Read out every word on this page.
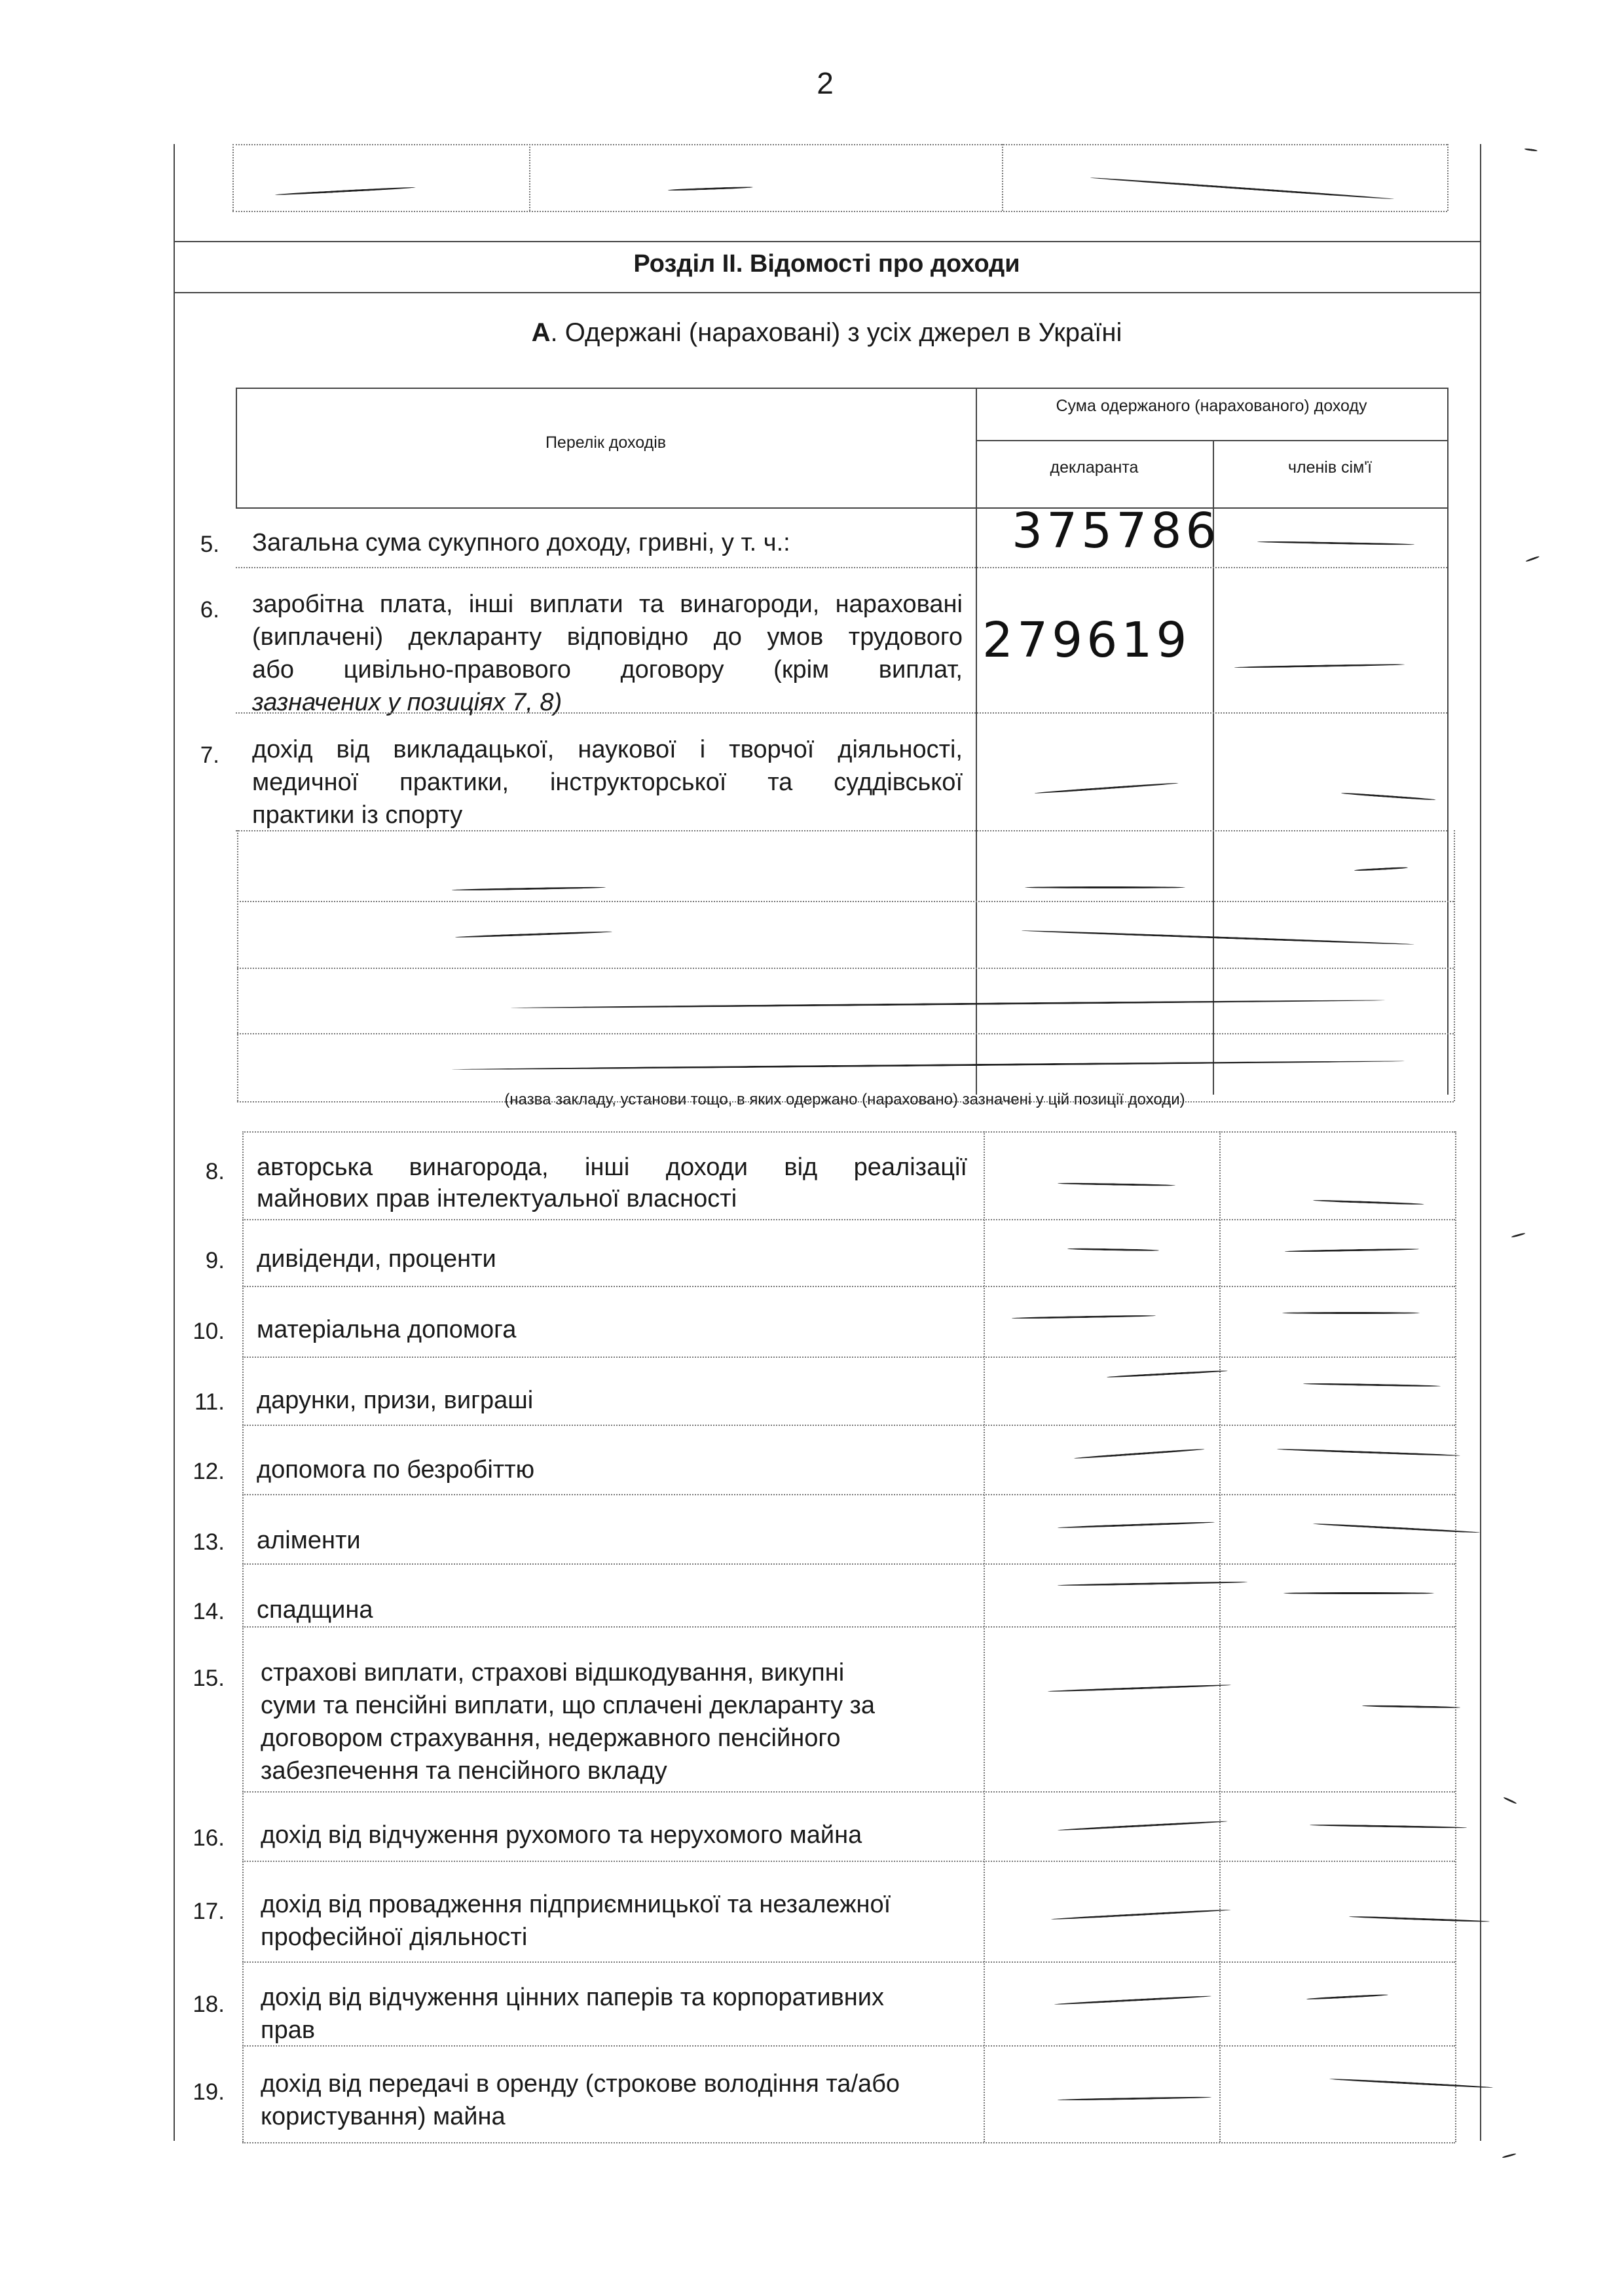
2
Розділ ІІ. Відомості про доходи
А. Одержані (нараховані) з усіх джерел в Україні
Перелік доходів
Сума одержаного (нарахованого) доходу
декларанта	членів сім'ї
5. Загальна сума сукупного доходу, гривні, у т. ч.:	375786
6. заробітна плата, інші виплати та винагороди, нараховані
(виплачені) декларанту відповідно до умов трудового
або цивільно-правового договору (крім виплат,
зазначених у позиціях 7, 8)
279619
7. дохід від викладацької, наукової і творчої діяльності,
медичної практики, інструкторської та суддівської
практики із спорту
(назва закладу, установи тощо, в яких одержано (нараховано) зазначені у цій позиції доходи)
8. авторська винагорода, інші доходи від реалізації
майнових прав інтелектуальної власності
9. дивіденди, проценти
10. матеріальна допомога
11. дарунки, призи, виграші
12. допомога по безробіттю
13. аліменти
14. спадщина
15. страхові виплати, страхові відшкодування, викупні
суми та пенсійні виплати, що сплачені декларанту за
договором страхування, недержавного пенсійного
забезпечення та пенсійного вкладу
16. дохід від відчуження рухомого та нерухомого майна
17. дохід від провадження підприємницької та незалежної
професійної діяльності
18. дохід від відчуження цінних паперів та корпоративних
прав
19. дохід від передачі в оренду (строкове володіння та/або
користування) майна
